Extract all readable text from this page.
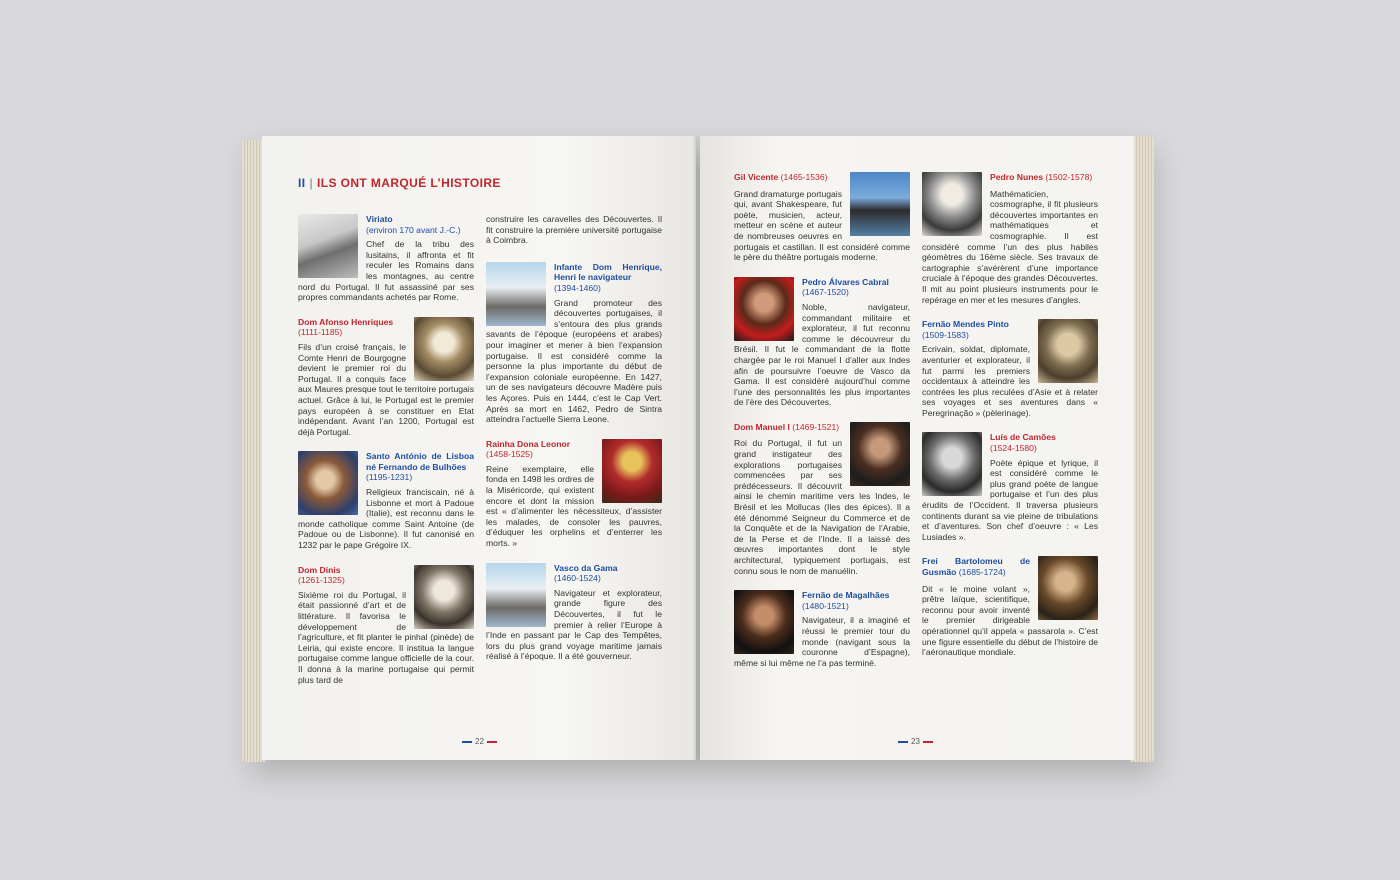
II | ILS ONT MARQUÉ L’HISTOIRE
Viriato
(environ 170 avant J.-C.)
Chef de la tribu des lusitains, il affronta et fit reculer les Romains dans les montagnes, au centre nord du Portugal. Il fut assassiné par ses propres commandants achetés par Rome.
Dom Afonso Henriques
(1111-1185)
Fils d’un croisé français, le Comte Henri de Bourgogne devient le premier roi du Portugal. Il a conquis face aux Maures presque tout le territoire portugais actuel. Grâce à lui, le Portugal est le premier pays européen à se constituer en Etat indépendant. Avant l’an 1200, Portugal est déjà Portugal.
Santo António de Lisboa né Fernando de Bulhões
(1195-1231)
Religieux franciscain, né à Lisbonne et mort à Padoue (Italie), est reconnu dans le monde catholique comme Saint Antoine (de Padoue ou de Lisbonne). Il fut canonisé en 1232 par le pape Grégoire IX.
Dom Dinis
(1261-1325)
Sixième roi du Portugal, il était passionné d’art et de littérature. Il favorisa le développement de l’agriculture, et fit planter le pinhal (pinède) de Leiria, qui existe encore. Il institua la langue portugaise comme langue officielle de la cour. Il donna à la marine portugaise qui permit plus tard de
construire les caravelles des Découvertes. Il fit construire la première université portugaise à Coimbra.
Infante Dom Henrique, Henri le navigateur
(1394-1460)
Grand promoteur des découvertes portugaises, il s’entoura des plus grands savants de l’époque (européens et arabes) pour imaginer et mener à bien l’expansion portugaise. Il est considéré comme la personne la plus importante du début de l’expansion coloniale européenne. En 1427, un de ses navigateurs découvre Madère puis les Açores. Puis en 1444, c’est le Cap Vert. Après sa mort en 1462, Pedro de Sintra atteindra l’actuelle Sierra Leone.
Rainha Dona Leonor
(1458-1525)
Reine exemplaire, elle fonda en 1498 les ordres de la Miséricorde, qui existent encore et dont la mission est « d’alimenter les nécessiteux, d’assister les malades, de consoler les pauvres, d’éduquer les orphelins et d’enterrer les morts. »
Vasco da Gama
(1460-1524)
Navigateur et explorateur, grande figure des Découvertes, il fut le premier à relier l’Europe à l’Inde en passant par le Cap des Tempêtes, lors du plus grand voyage maritime jamais réalisé à l’époque. Il a été gouverneur.
22
Gil Vicente (1465-1536)
Grand dramaturge portugais qui, avant Shakespeare, fut poète, musicien, acteur, metteur en scène et auteur de nombreuses oeuvres en portugais et castillan. Il est considéré comme le père du théâtre portugais moderne.
Pedro Álvares Cabral
(1467-1520)
Noble, navigateur, commandant militaire et explorateur, il fut reconnu comme le découvreur du Brésil. Il fut le commandant de la flotte chargée par le roi Manuel I d’aller aux Indes afin de poursuivre l’oeuvre de Vasco da Gama. Il est considéré aujourd’hui comme l’une des personnalités les plus importantes de l’ère des Découvertes.
Dom Manuel I (1469-1521)
Roi du Portugal, il fut un grand instigateur des explorations portugaises commencées par ses prédécesseurs. Il découvrit ainsi le chemin maritime vers les Indes, le Brésil et les Mollucas (Iles des épices). Il a été dénommé Seigneur du Commerce et de la Conquête et de la Navigation de l’Arabie, de la Perse et de l’Inde. Il a laissé des œuvres importantes dont le style architectural, typiquement portugais, est connu sous le nom de manuélin.
Fernão de Magalhães
(1480-1521)
Navigateur, il a imaginé et réussi le premier tour du monde (navigant sous la couronne d’Espagne), même si lui même ne l’a pas terminé.
Pedro Nunes (1502-1578)
Mathématicien, cosmographe, il fit plusieurs découvertes importantes en mathématiques et cosmographie. Il est considéré comme l’un des plus habiles géomètres du 16ème siècle. Ses travaux de cartographie s’avérèrent d’une importance cruciale à l’époque des grandes Découvertes. Il mit au point plusieurs instruments pour le repérage en mer et les mesures d’angles.
Fernão Mendes Pinto
(1509-1583)
Ecrivain, soldat, diplomate, aventurier et explorateur, il fut parmi les premiers occidentaux à atteindre les contrées les plus reculées d’Asie et à relater ses voyages et ses aventures dans « Peregrinação » (pèlerinage).
Luís de Camões
(1524-1580)
Poète épique et lyrique, il est considéré comme le plus grand poète de langue portugaise et l’un des plus érudits de l’Occident. Il traversa plusieurs continents durant sa vie pleine de tribulations et d’aventures. Son chef d’oeuvre : « Les Lusiades ».
Frei Bartolomeu de Gusmão (1685-1724)
Dit « le moine volant », prêtre laïque, scientifique, reconnu pour avoir inventé le premier dirigeable opérationnel qu’il appela « passarola ». C’est une figure essentielle du début de l’histoire de l’aéronautique mondiale.
23
